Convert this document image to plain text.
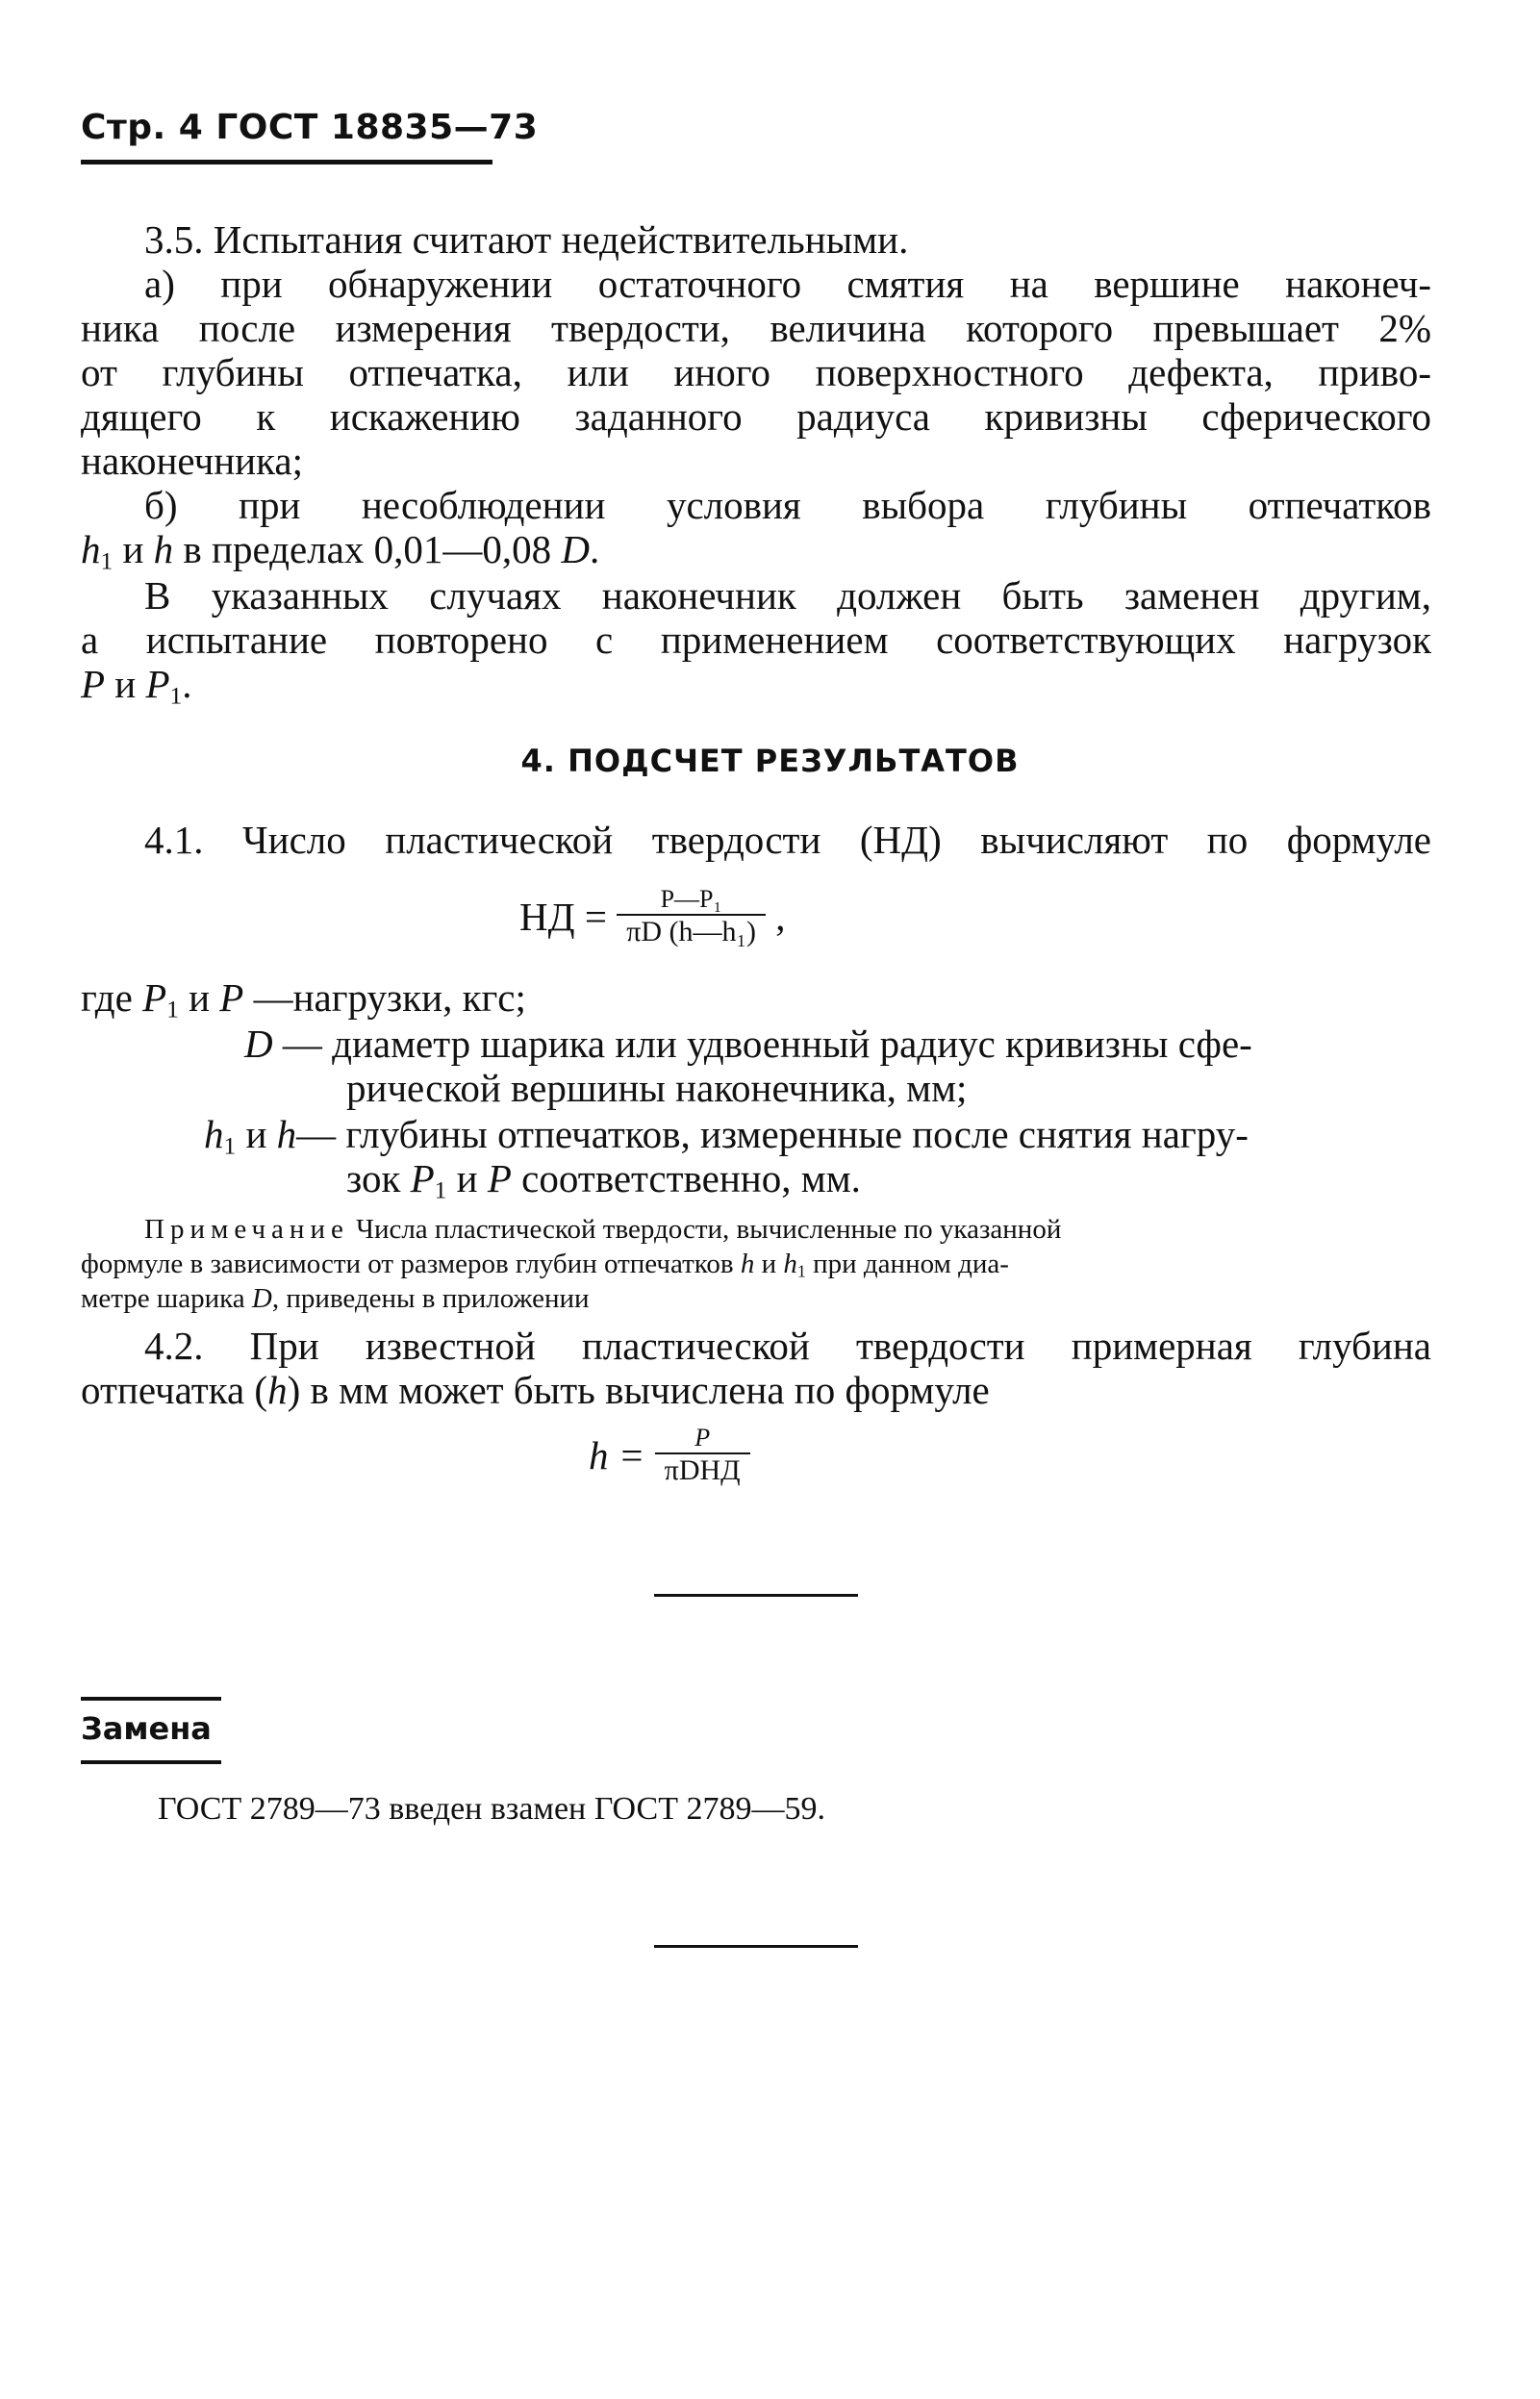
Стр. 4 ГОСТ 18835—73
3.5. Испытания считают недействительными.
а) при обнаружении остаточного смятия на вершине наконеч-
ника после измерения твердости, величина которого превышает 2%
от глубины отпечатка, или иного поверхностного дефекта, приво-
дящего к искажению заданного радиуса кривизны сферического
наконечника;
б) при несоблюдении условия выбора глубины отпечатков
$h_1$ и h в пределах 0,01—0,08 D.
В указанных случаях наконечник должен быть заменен другим,
а испытание повторено с применением соответствующих нагрузок
P и $P_1$.
4. ПОДСЧЕТ РЕЗУЛЬТАТОВ
4.1. Число пластической твердости (НД) вычисляют по формуле
НД = $\frac{\text{P—P₁}}{\text{πD (h—h₁)}}$ ,
где $P_1$ и P —нагрузки, кгс;
D — диаметр шарика или удвоенный радиус кривизны сфе-
рической вершины наконечника, мм;
$h_1$ и h— глубины отпечатков, измеренные после снятия нагру-
зок $P_1$ и P соответственно, мм.
Примечание Числа пластической твердости, вычисленные по указанной
формуле в зависимости от размеров глубин отпечатков h и $h_1$ при данном диа-
метре шарика D, приведены в приложении
4.2. При известной пластической твердости примерная глубина
отпечатка (h) в мм может быть вычислена по формуле
$h = \frac{P}{\text{πDНД}}$
Замена
ГОСТ 2789—73 введен взамен ГОСТ 2789—59.
